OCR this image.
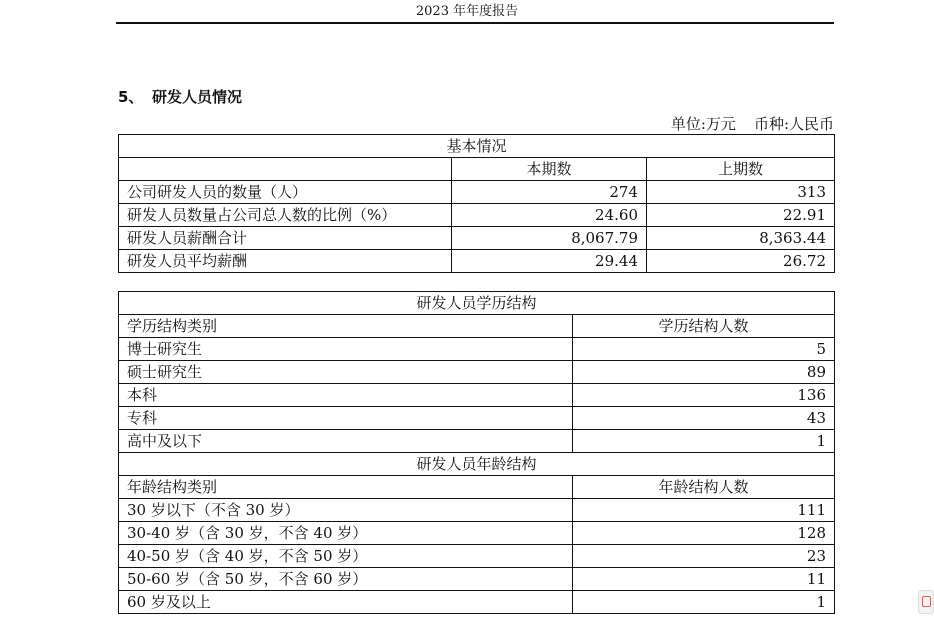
2023 年年度报告
5、 研发人员情况
单位:万元 币种:人民币
基本情况		
	本期数	上期数
公司研发人员的数量（人）	274	313
研发人员数量占公司总人数的比例（%）	24.60	22.91
研发人员薪酬合计	8,067.79	8,363.44
研发人员平均薪酬	29.44	26.72
研发人员学历结构	
学历结构类别	学历结构人数
博士研究生	5
硕士研究生	89
本科	136
专科	43
高中及以下	1
研发人员年龄结构	
年龄结构类别	年龄结构人数
30 岁以下（不含 30 岁）	111
30-40 岁（含 30 岁，不含 40 岁）	128
40-50 岁（含 40 岁，不含 50 岁）	23
50-60 岁（含 50 岁，不含 60 岁）	11
60 岁及以上	1
